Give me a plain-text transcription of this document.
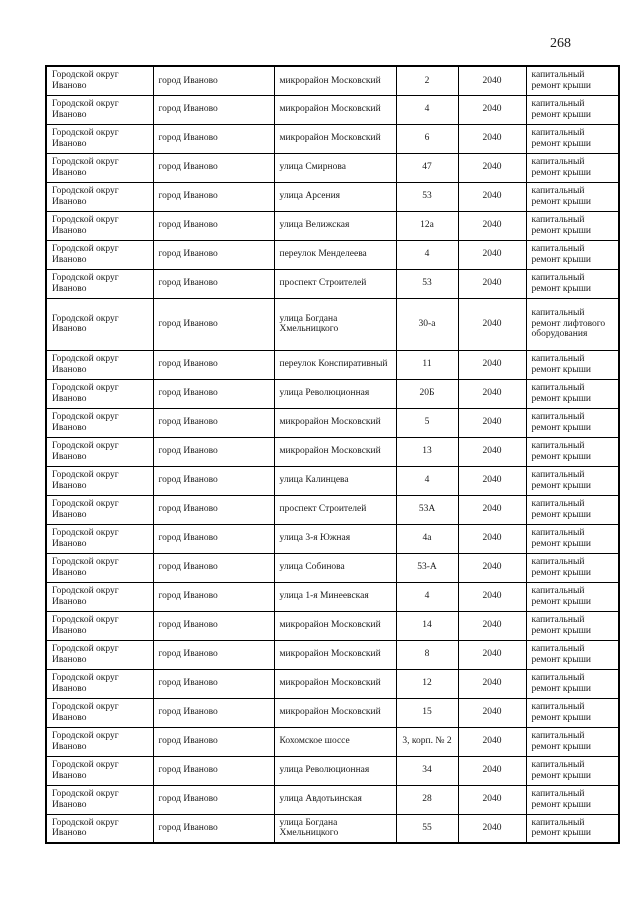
268
Городской округ Иваново	город Иваново	микрорайон Московский	2	2040	капитальный ремонт крыши
Городской округ Иваново	город Иваново	микрорайон Московский	4	2040	капитальный ремонт крыши
Городской округ Иваново	город Иваново	микрорайон Московский	6	2040	капитальный ремонт крыши
Городской округ Иваново	город Иваново	улица Смирнова	47	2040	капитальный ремонт крыши
Городской округ Иваново	город Иваново	улица Арсения	53	2040	капитальный ремонт крыши
Городской округ Иваново	город Иваново	улица Велижская	12а	2040	капитальный ремонт крыши
Городской округ Иваново	город Иваново	переулок Менделеева	4	2040	капитальный ремонт крыши
Городской округ Иваново	город Иваново	проспект Строителей	53	2040	капитальный ремонт крыши
Городской округ Иваново	город Иваново	улица Богдана Хмельницкого	30-а	2040	капитальный ремонт лифтового оборудования
Городской округ Иваново	город Иваново	переулок Конспиративный	11	2040	капитальный ремонт крыши
Городской округ Иваново	город Иваново	улица Революционная	20Б	2040	капитальный ремонт крыши
Городской округ Иваново	город Иваново	микрорайон Московский	5	2040	капитальный ремонт крыши
Городской округ Иваново	город Иваново	микрорайон Московский	13	2040	капитальный ремонт крыши
Городской округ Иваново	город Иваново	улица Калинцева	4	2040	капитальный ремонт крыши
Городской округ Иваново	город Иваново	проспект Строителей	53А	2040	капитальный ремонт крыши
Городской округ Иваново	город Иваново	улица 3-я Южная	4а	2040	капитальный ремонт крыши
Городской округ Иваново	город Иваново	улица Собинова	53-А	2040	капитальный ремонт крыши
Городской округ Иваново	город Иваново	улица 1-я Минеевская	4	2040	капитальный ремонт крыши
Городской округ Иваново	город Иваново	микрорайон Московский	14	2040	капитальный ремонт крыши
Городской округ Иваново	город Иваново	микрорайон Московский	8	2040	капитальный ремонт крыши
Городской округ Иваново	город Иваново	микрорайон Московский	12	2040	капитальный ремонт крыши
Городской округ Иваново	город Иваново	микрорайон Московский	15	2040	капитальный ремонт крыши
Городской округ Иваново	город Иваново	Кохомское шоссе	3, корп. № 2	2040	капитальный ремонт крыши
Городской округ Иваново	город Иваново	улица Революционная	34	2040	капитальный ремонт крыши
Городской округ Иваново	город Иваново	улица Авдотьинская	28	2040	капитальный ремонт крыши
Городской округ Иваново	город Иваново	улица Богдана Хмельницкого	55	2040	капитальный ремонт крыши
